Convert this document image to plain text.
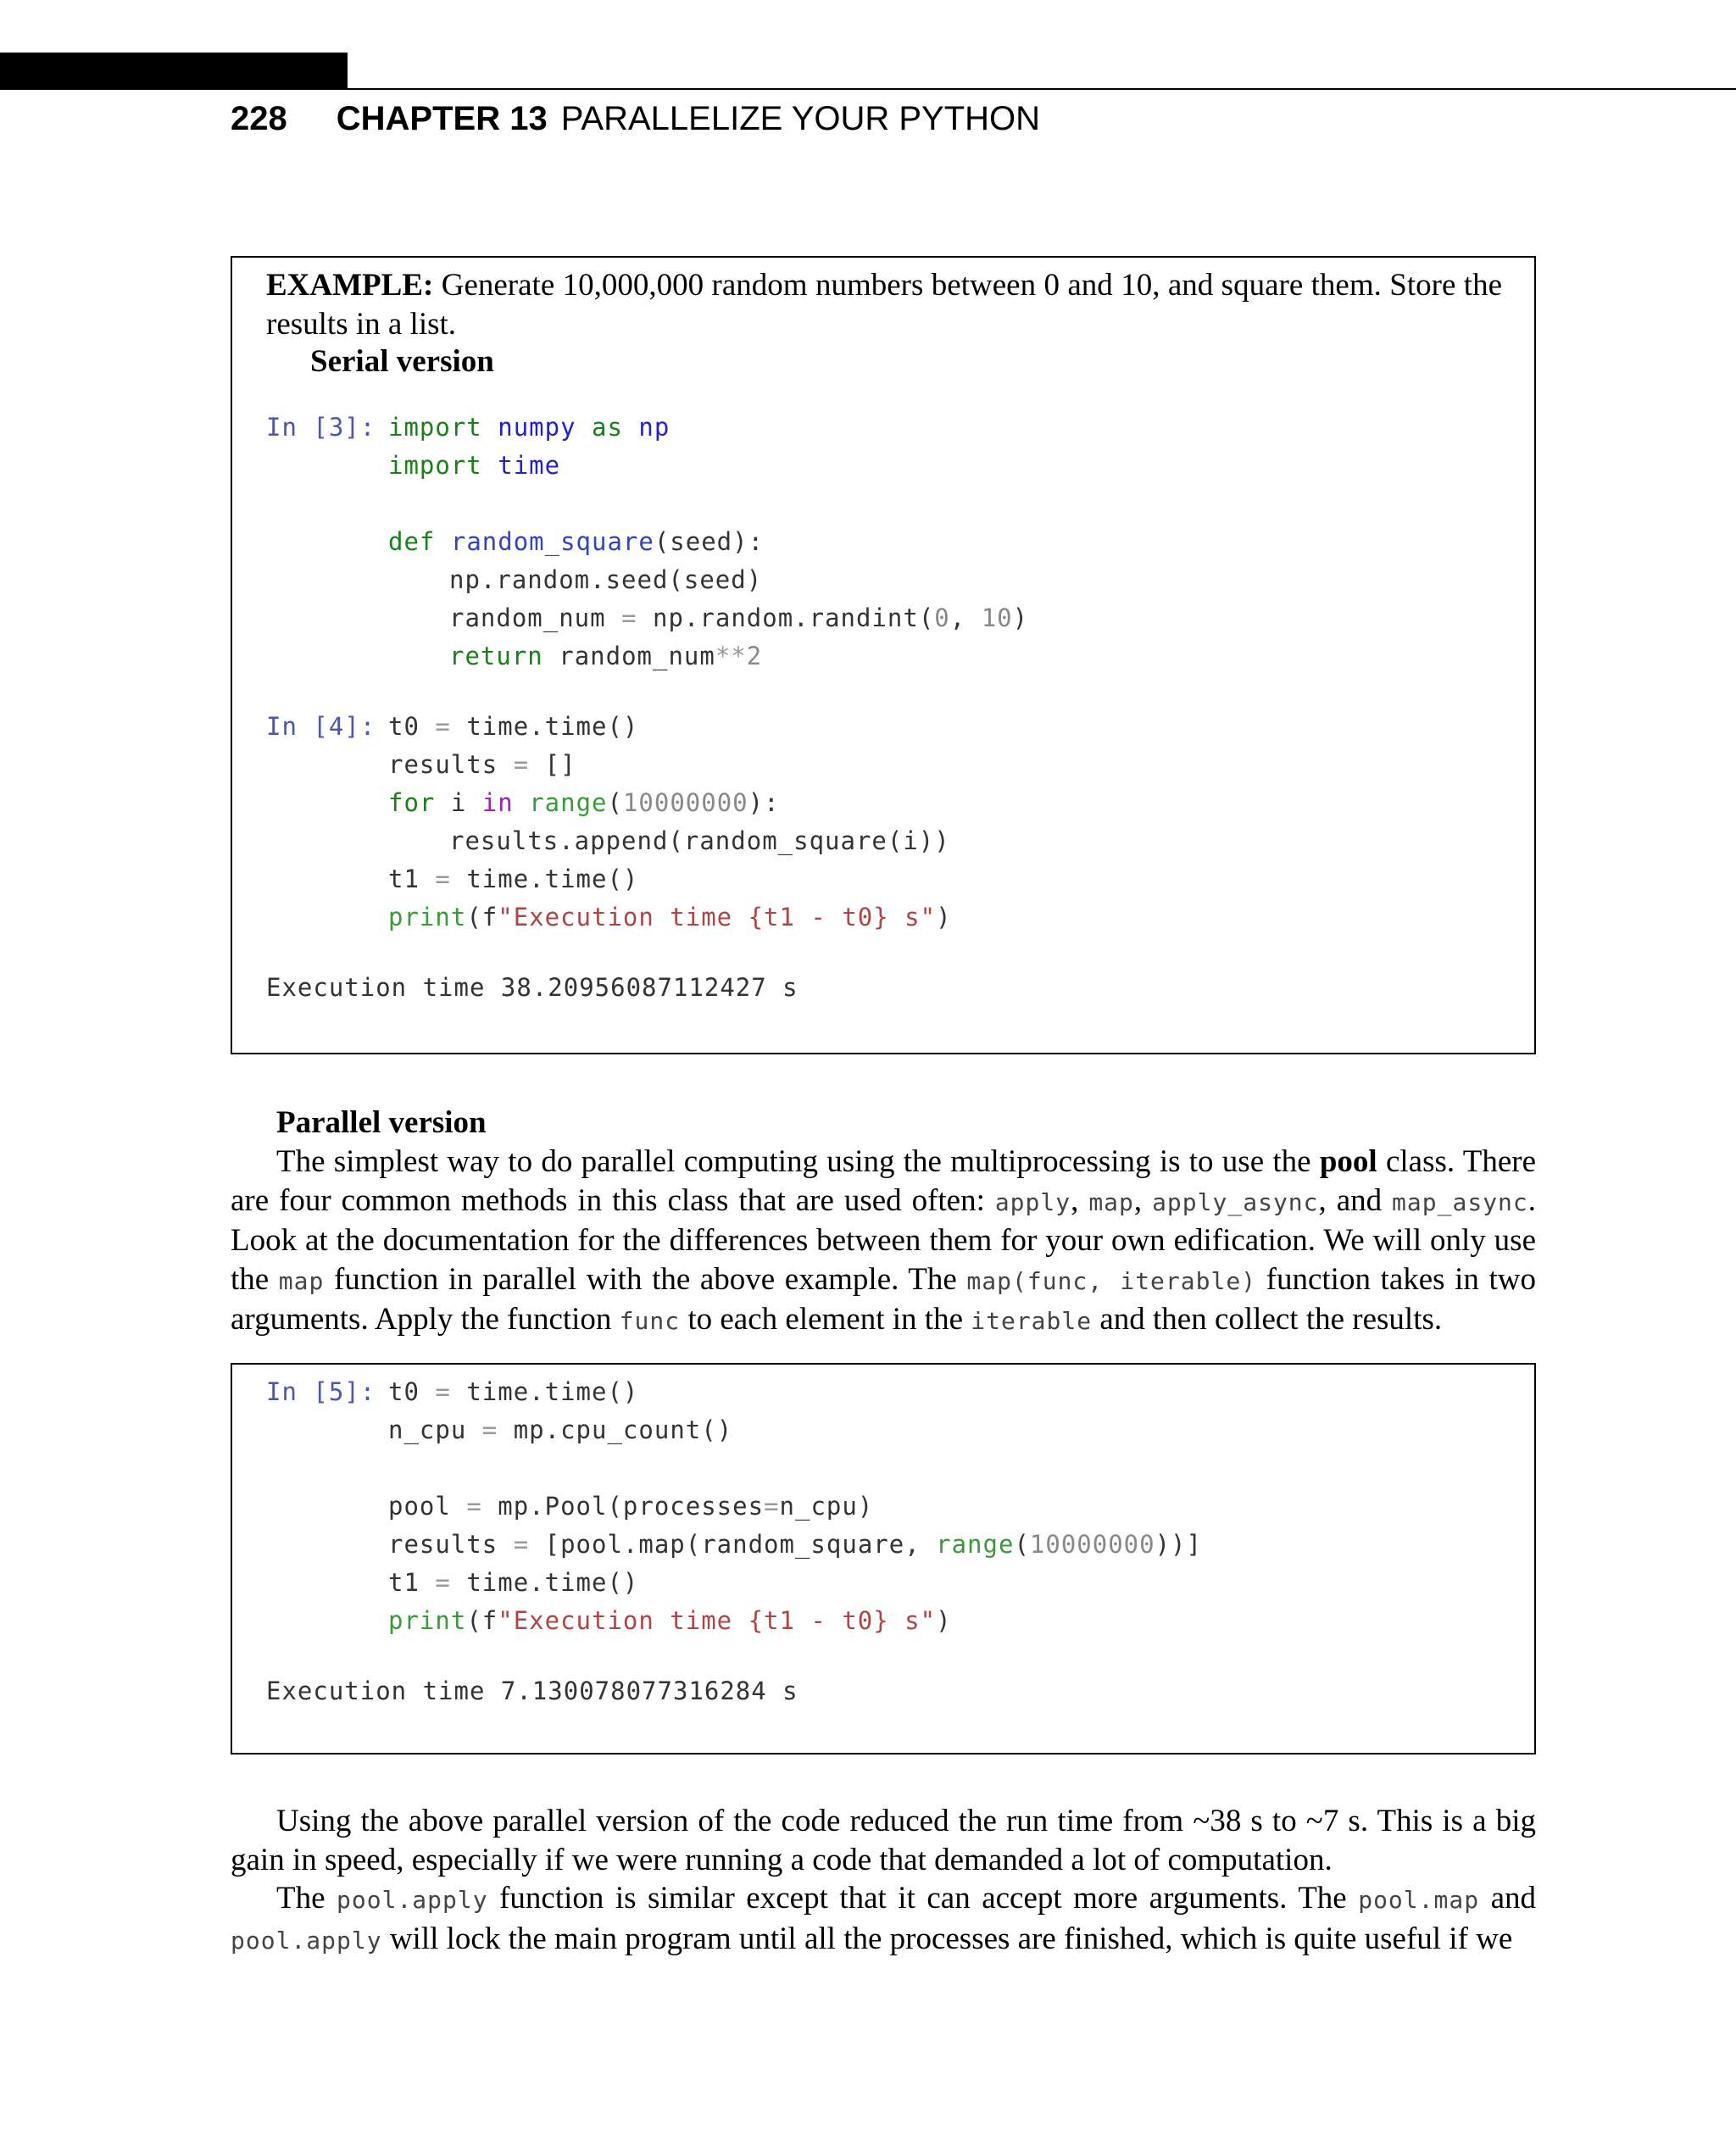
228 CHAPTER 13 PARALLELIZE YOUR PYTHON
EXAMPLE: Generate 10,000,000 random numbers between 0 and 10, and square them. Store the results in a list.
Serial version

In [3]:

import numpy as np

import time

def random_square(seed):

np.random.seed(seed)

random_num = np.random.randint(0, 10)

return random_num**2

In [4]:

t0 = time.time()

results = []

for i in range(10000000):

results.append(random_square(i))

t1 = time.time()

print(f"Execution time {t1 - t0} s")

Execution time 38.20956087112427 s

Parallel version
The simplest way to do parallel computing using the multiprocessing is to use the pool class. There are four common methods in this class that are used often: apply, map, apply_async, and map_async. Look at the documentation for the differences between them for your own edification. We will only use the map function in parallel with the above example. The map(func, iterable) function takes in two arguments. Apply the function func to each element in the iterable and then collect the results.

In [5]:

t0 = time.time()

n_cpu = mp.cpu_count()

pool = mp.Pool(processes=n_cpu)

results = [pool.map(random_square, range(10000000))]

t1 = time.time()

print(f"Execution time {t1 - t0} s")

Execution time 7.130078077316284 s

Using the above parallel version of the code reduced the run time from ~38 s to ~7 s. This is a big gain in speed, especially if we were running a code that demanded a lot of computation.
The pool.apply function is similar except that it can accept more arguments. The pool.map and pool.apply will lock the main program until all the processes are finished, which is quite useful if we
